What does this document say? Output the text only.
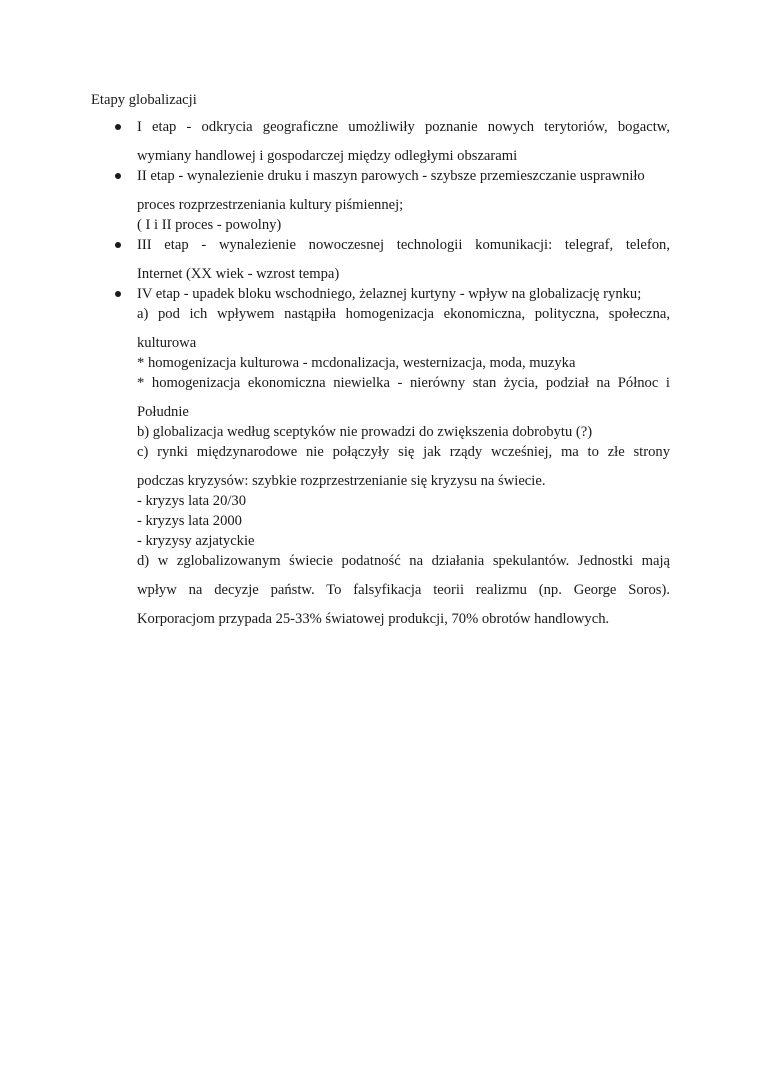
Etapy globalizacji
I etap - odkrycia geograficzne umożliwiły poznanie nowych terytoriów, bogactw,
wymiany handlowej i gospodarczej między odległymi obszarami
II etap - wynalezienie druku i maszyn parowych - szybsze przemieszczanie usprawniło
proces rozprzestrzeniania kultury piśmiennej;
( I i II proces - powolny)
III etap - wynalezienie nowoczesnej technologii komunikacji: telegraf, telefon,
Internet (XX wiek - wzrost tempa)
IV etap - upadek bloku wschodniego, żelaznej kurtyny - wpływ na globalizację rynku;
a) pod ich wpływem nastąpiła homogenizacja ekonomiczna, polityczna, społeczna,
kulturowa
* homogenizacja kulturowa - mcdonalizacja, westernizacja, moda, muzyka
* homogenizacja ekonomiczna niewielka - nierówny stan życia, podział na Północ i
Południe
b) globalizacja według sceptyków nie prowadzi do zwiększenia dobrobytu (?)
c) rynki międzynarodowe nie połączyły się jak rządy wcześniej, ma to złe strony
podczas kryzysów: szybkie rozprzestrzenianie się kryzysu na świecie.
- kryzys lata 20/30
- kryzys lata 2000
- kryzysy azjatyckie
d) w zglobalizowanym świecie podatność na działania spekulantów. Jednostki mają
wpływ na decyzje państw. To falsyfikacja teorii realizmu (np. George Soros).
Korporacjom przypada 25-33% światowej produkcji, 70% obrotów handlowych.
